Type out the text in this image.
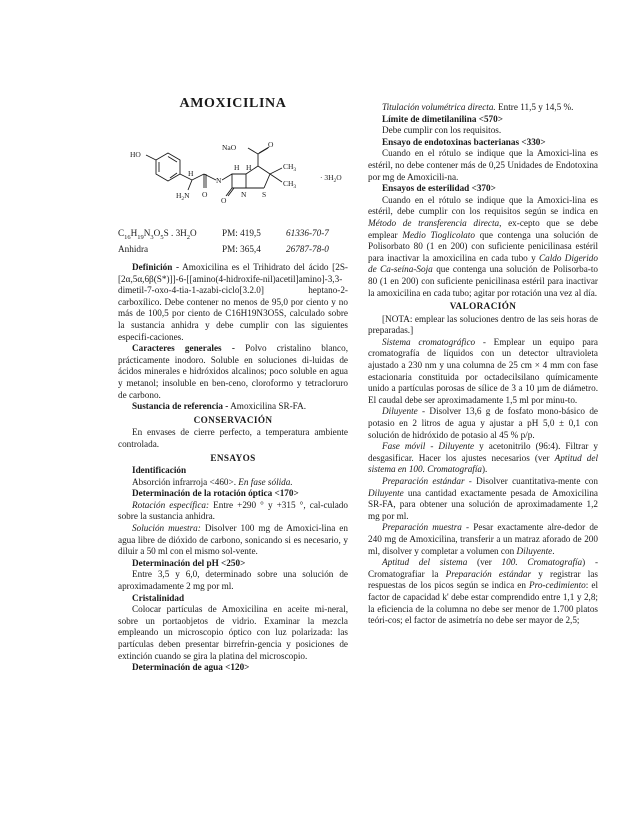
AMOXICILINA
HO
NaO	O
H
H H	$CH_3$
$CH_3$
$H_2N$
N
N S
O
O
· $3H_2O$
$C_{16}H_{19}N_3O_5S$ . $3H_2O$	PM: 419,5	61336-70-7
Anhidra	PM: 365,4	26787-78-0

Definición - Amoxicilina es el Trihidrato del ácido [2S-[2α,5α,6β(S*)]]-6-[[amino(4-hidroxife-nil)acetil]amino]-3,3-dimetil-7-oxo-4-tia-1-azabi-ciclo[3.2.0] heptano-2-carboxílico. Debe contener no menos de 95,0 por ciento y no más de 100,5 por ciento de C16H19N3O5S, calculado sobre la sustancia anhidra y debe cumplir con las siguientes especifi-caciones.

Caracteres generales - Polvo cristalino blanco, prácticamente inodoro. Soluble en soluciones di-luidas de ácidos minerales e hidróxidos alcalinos; poco soluble en agua y metanol; insoluble en ben-ceno, cloroformo y tetracloruro de carbono.

Sustancia de referencia - Amoxicilina SR-FA.

CONSERVACIÓN

En envases de cierre perfecto, a temperatura ambiente controlada.

ENSAYOS
Identificación

Absorción infrarroja <460>. En fase sólida.

Determinación de la rotación óptica <170>

Rotación específica: Entre +290 ° y +315 °, cal-culado sobre la sustancia anhidra.

Solución muestra: Disolver 100 mg de Amoxici-lina en agua libre de dióxido de carbono, sonicando si es necesario, y diluir a 50 ml con el mismo sol-vente.

Determinación del pH <250>

Entre 3,5 y 6,0, determinado sobre una solución de aproximadamente 2 mg por ml.

Cristalinidad

Colocar partículas de Amoxicilina en aceite mi-neral, sobre un portaobjetos de vidrio. Examinar la mezcla empleando un microscopio óptico con luz polarizada: las partículas deben presentar birrefrin-gencia y posiciones de extinción cuando se gira la platina del microscopio.

Determinación de agua <120>

Titulación volumétrica directa. Entre 11,5 y 14,5 %.

Límite de dimetilanilina <570>

Debe cumplir con los requisitos.

Ensayo de endotoxinas bacterianas <330>

Cuando en el rótulo se indique que la Amoxici-lina es estéril, no debe contener más de 0,25 Unidades de Endotoxina por mg de Amoxicili-na.

Ensayos de esterilidad <370>

Cuando en el rótulo se indique que la Amoxici-lina es estéril, debe cumplir con los requisitos según se indica en Método de transferencia directa, ex-cepto que se debe emplear Medio Tioglicolato que contenga una solución de Polisorbato 80 (1 en 200) con suficiente penicilinasa estéril para inactivar la amoxicilina en cada tubo y Caldo Digerido de Ca-seína-Soja que contenga una solución de Polisorba-to 80 (1 en 200) con suficiente penicilinasa estéril para inactivar la amoxicilina en cada tubo; agitar por rotación una vez al día.

VALORACIÓN

[NOTA: emplear las soluciones dentro de las seis horas de preparadas.]

Sistema cromatográfico - Emplear un equipo para cromatografía de líquidos con un detector ultravioleta ajustado a 230 nm y una columna de 25 cm × 4 mm con fase estacionaria constituida por octadecilsilano químicamente unido a partículas porosas de sílice de 3 a 10 µm de diámetro. El caudal debe ser aproximadamente 1,5 ml por minu-to.

Diluyente - Disolver 13,6 g de fosfato mono-básico de potasio en 2 litros de agua y ajustar a pH 5,0 ± 0,1 con solución de hidróxido de potasio al 45 % p/p.

Fase móvil - Diluyente y acetonitrilo (96:4). Filtrar y desgasificar. Hacer los ajustes necesarios (ver Aptitud del sistema en 100. Cromatografía).

Preparación estándar - Disolver cuantitativa-mente con Diluyente una cantidad exactamente pesada de Amoxicilina SR-FA, para obtener una solución de aproximadamente 1,2 mg por ml.

Preparación muestra - Pesar exactamente alre-dedor de 240 mg de Amoxicilina, transferir a un matraz aforado de 200 ml, disolver y completar a volumen con Diluyente.

Aptitud del sistema (ver 100. Cromatografía) - Cromatografiar la Preparación estándar y registrar las respuestas de los picos según se indica en Pro-cedimiento: el factor de capacidad k' debe estar comprendido entre 1,1 y 2,8; la eficiencia de la columna no debe ser menor de 1.700 platos teóri-cos; el factor de asimetría no debe ser mayor de 2,5;
